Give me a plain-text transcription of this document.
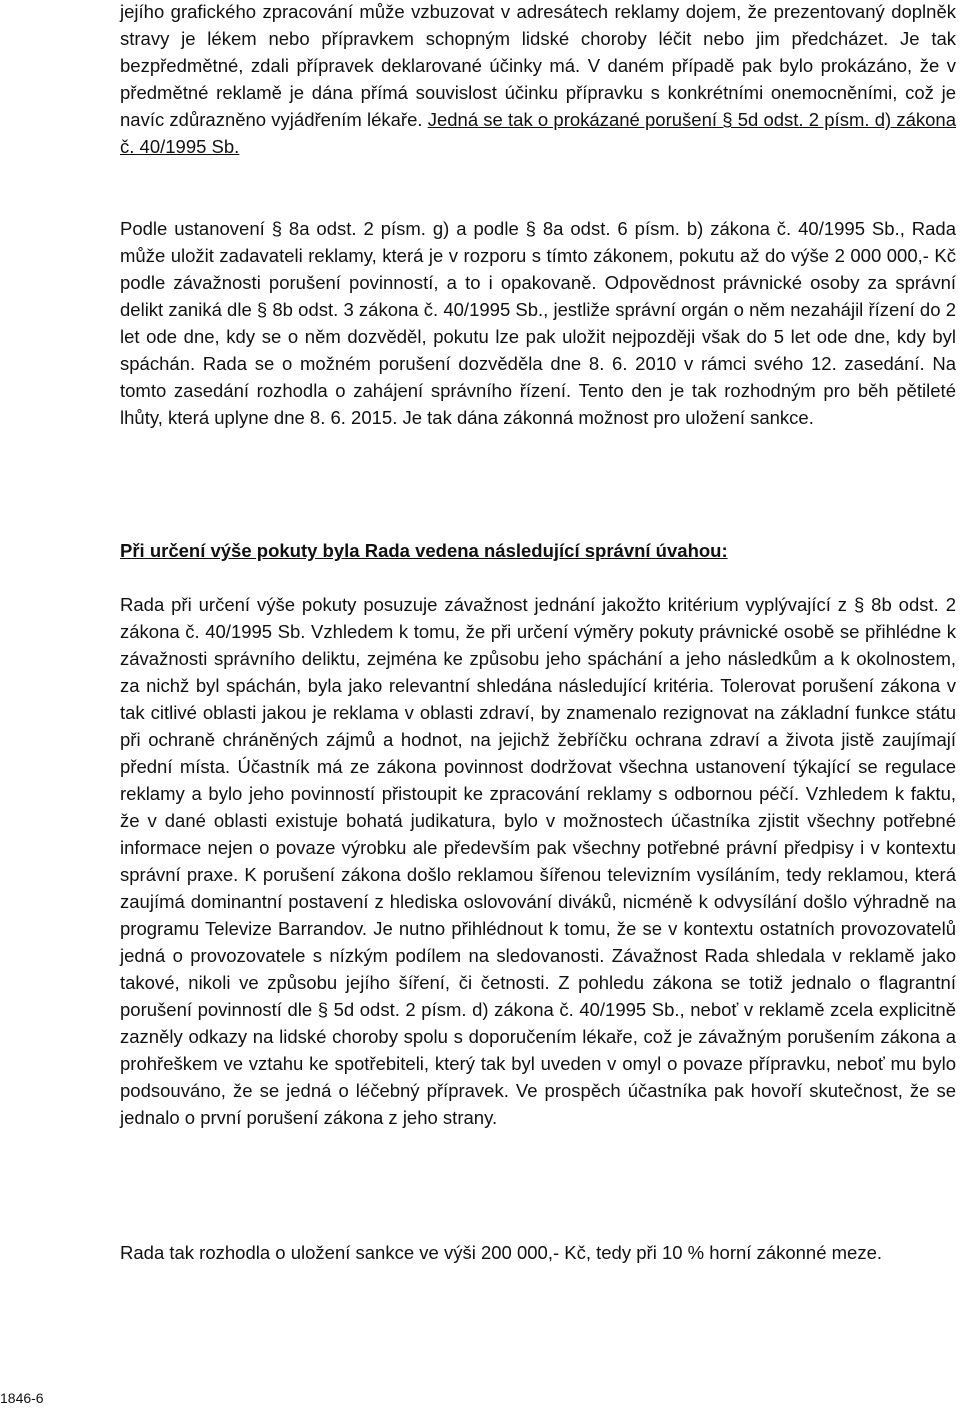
jejího grafického zpracování může vzbuzovat v adresátech reklamy dojem, že prezentovaný doplněk stravy je lékem nebo přípravkem schopným lidské choroby léčit nebo jim předcházet. Je tak bezpředmětné, zdali přípravek deklarované účinky má. V daném případě pak bylo prokázáno, že v předmětné reklamě je dána přímá souvislost účinku přípravku s konkrétními onemocněními, což je navíc zdůrazněno vyjádřením lékaře. Jedná se tak o prokázané porušení § 5d odst. 2 písm. d) zákona č. 40/1995 Sb.

Podle ustanovení § 8a odst. 2 písm. g) a podle § 8a odst. 6 písm. b) zákona č. 40/1995 Sb., Rada může uložit zadavateli reklamy, která je v rozporu s tímto zákonem, pokutu až do výše 2 000 000,- Kč podle závažnosti porušení povinností, a to i opakovaně. Odpovědnost právnické osoby za správní delikt zaniká dle § 8b odst. 3 zákona č. 40/1995 Sb., jestliže správní orgán o něm nezahájil řízení do 2 let ode dne, kdy se o něm dozvěděl, pokutu lze pak uložit nejpozději však do 5 let ode dne, kdy byl spáchán. Rada se o možném porušení dozvěděla dne 8. 6. 2010 v rámci svého 12. zasedání. Na tomto zasedání rozhodla o zahájení správního řízení. Tento den je tak rozhodným pro běh pětileté lhůty, která uplyne dne 8. 6. 2015. Je tak dána zákonná možnost pro uložení sankce.

Při určení výše pokuty byla Rada vedena následující správní úvahou:

Rada při určení výše pokuty posuzuje závažnost jednání jakožto kritérium vyplývající z § 8b odst. 2 zákona č. 40/1995 Sb. Vzhledem k tomu, že při určení výměry pokuty právnické osobě se přihlédne k závažnosti správního deliktu, zejména ke způsobu jeho spáchání a jeho následkům a k okolnostem, za nichž byl spáchán, byla jako relevantní shledána následující kritéria. Tolerovat porušení zákona v tak citlivé oblasti jakou je reklama v oblasti zdraví, by znamenalo rezignovat na základní funkce státu při ochraně chráněných zájmů a hodnot, na jejichž žebříčku ochrana zdraví a života jistě zaujímají přední místa. Účastník má ze zákona povinnost dodržovat všechna ustanovení týkající se regulace reklamy a bylo jeho povinností přistoupit ke zpracování reklamy s odbornou péčí. Vzhledem k faktu, že v dané oblasti existuje bohatá judikatura, bylo v možnostech účastníka zjistit všechny potřebné informace nejen o povaze výrobku ale především pak všechny potřebné právní předpisy i v kontextu správní praxe. K porušení zákona došlo reklamou šířenou televizním vysíláním, tedy reklamou, která zaujímá dominantní postavení z hlediska oslovování diváků, nicméně k odvysílání došlo výhradně na programu Televize Barrandov. Je nutno přihlédnout k tomu, že se v kontextu ostatních provozovatelů jedná o provozovatele s nízkým podílem na sledovanosti. Závažnost Rada shledala v reklamě jako takové, nikoli ve způsobu jejího šíření, či četnosti. Z pohledu zákona se totiž jednalo o flagrantní porušení povinností dle § 5d odst. 2 písm. d) zákona č. 40/1995 Sb., neboť v reklamě zcela explicitně zazněly odkazy na lidské choroby spolu s doporučením lékaře, což je závažným porušením zákona a prohřeškem ve vztahu ke spotřebiteli, který tak byl uveden v omyl o povaze přípravku, neboť mu bylo podsouváno, že se jedná o léčebný přípravek. Ve prospěch účastníka pak hovoří skutečnost, že se jednalo o první porušení zákona z jeho strany.

Rada tak rozhodla o uložení sankce ve výši 200 000,- Kč, tedy při 10 % horní zákonné meze.

1846-6
